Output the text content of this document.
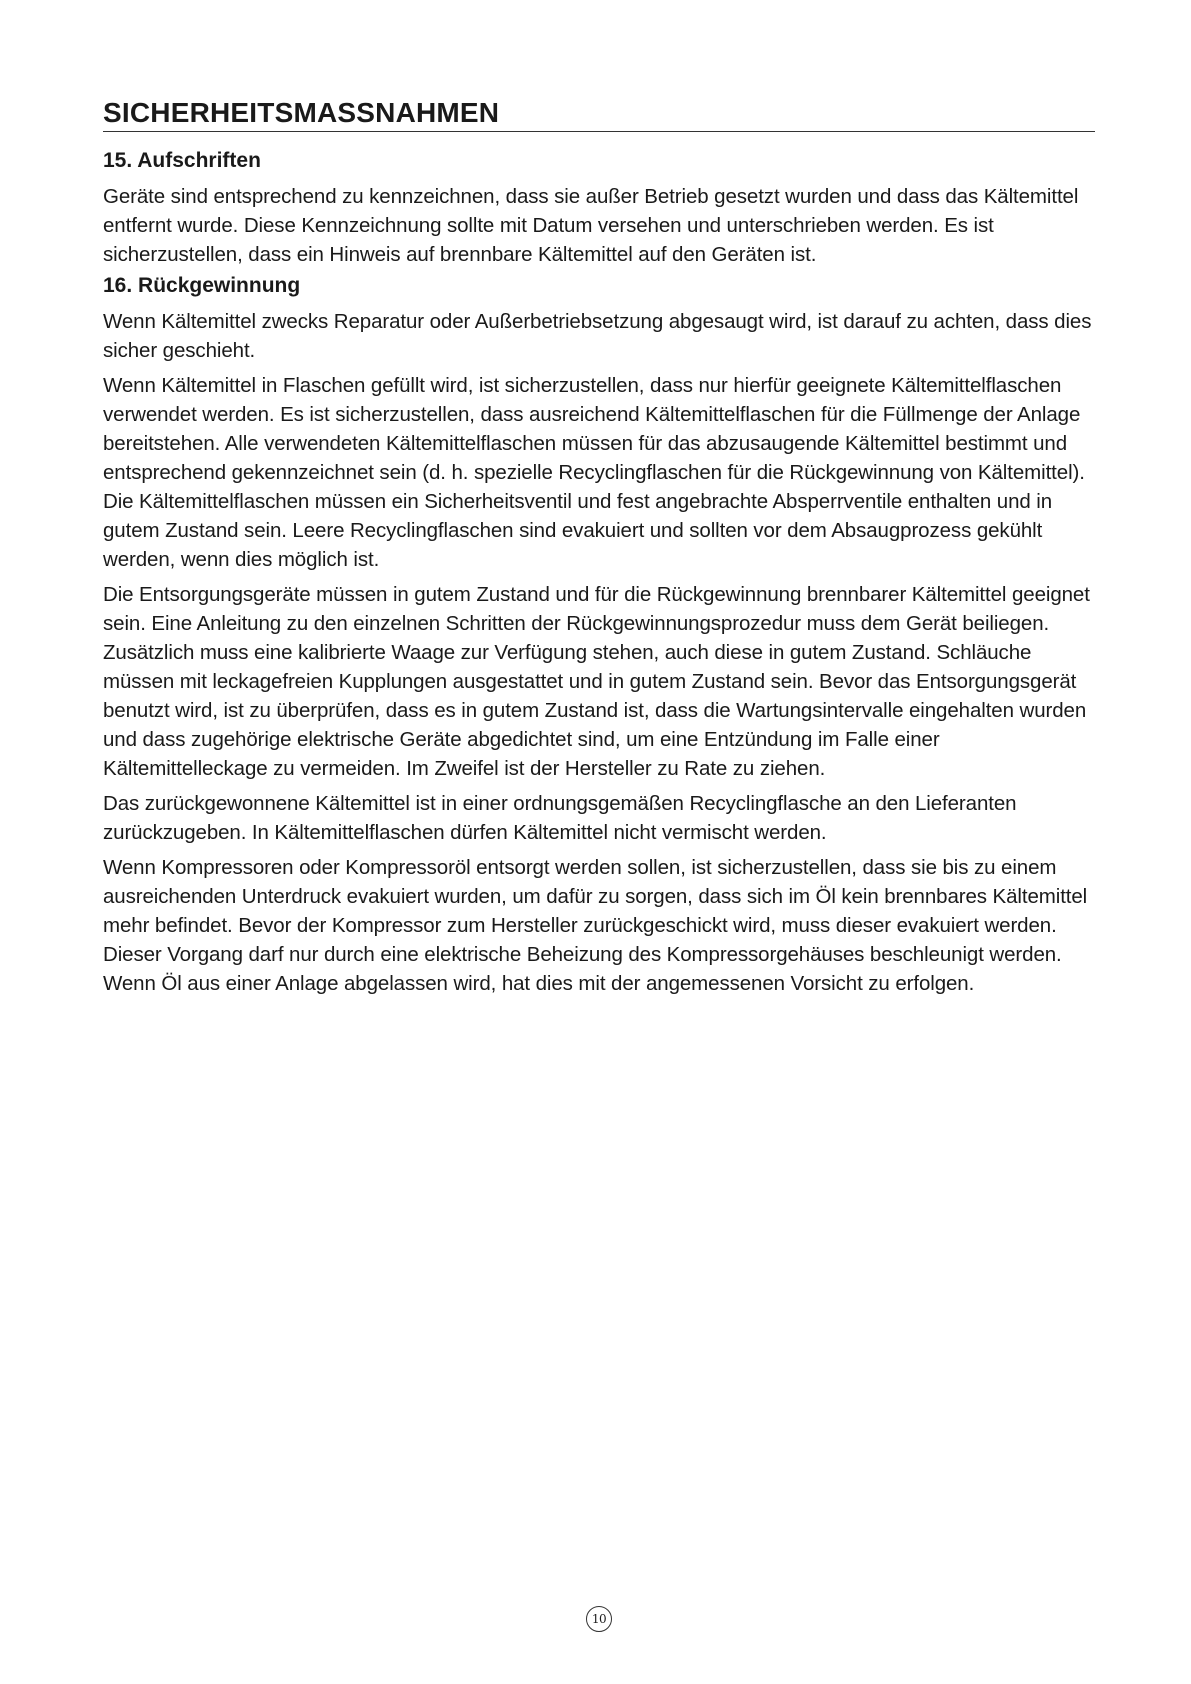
SICHERHEITSMASSNAHMEN
15. Aufschriften

Geräte sind entsprechend zu kennzeichnen, dass sie außer Betrieb gesetzt wurden und dass das Kältemittel entfernt wurde. Diese Kennzeichnung sollte mit Datum versehen und unterschrieben werden. Es ist sicherzustellen, dass ein Hinweis auf brennbare Kältemittel auf den Geräten ist.

16. Rückgewinnung

Wenn Kältemittel zwecks Reparatur oder Außerbetriebsetzung abgesaugt wird, ist darauf zu achten, dass dies sicher geschieht.

Wenn Kältemittel in Flaschen gefüllt wird, ist sicherzustellen, dass nur hierfür geeignete Kältemittelflaschen verwendet werden. Es ist sicherzustellen, dass ausreichend Kältemittelflaschen für die Füllmenge der Anlage bereitstehen. Alle verwendeten Kältemittelflaschen müssen für das abzusaugende Kältemittel bestimmt und entsprechend gekennzeichnet sein (d. h. spezielle Recyclingflaschen für die Rückgewinnung von Kältemittel). Die Kältemittelflaschen müssen ein Sicherheitsventil und fest angebrachte Absperrventile enthalten und in gutem Zustand sein. Leere Recyclingflaschen sind evakuiert und sollten vor dem Absaugprozess gekühlt werden, wenn dies möglich ist.

Die Entsorgungsgeräte müssen in gutem Zustand und für die Rückgewinnung brennbarer Kältemittel geeignet sein. Eine Anleitung zu den einzelnen Schritten der Rückgewinnungsprozedur muss dem Gerät beiliegen. Zusätzlich muss eine kalibrierte Waage zur Verfügung stehen, auch diese in gutem Zustand. Schläuche müssen mit leckagefreien Kupplungen ausgestattet und in gutem Zustand sein. Bevor das Entsorgungsgerät benutzt wird, ist zu überprüfen, dass es in gutem Zustand ist, dass die Wartungsintervalle eingehalten wurden und dass zugehörige elektrische Geräte abgedichtet sind, um eine Entzündung im Falle einer Kältemittelleckage zu vermeiden. Im Zweifel ist der Hersteller zu Rate zu ziehen.

Das zurückgewonnene Kältemittel ist in einer ordnungsgemäßen Recyclingflasche an den Lieferanten zurückzugeben. In Kältemittelflaschen dürfen Kältemittel nicht vermischt werden.

Wenn Kompressoren oder Kompressoröl entsorgt werden sollen, ist sicherzustellen, dass sie bis zu einem ausreichenden Unterdruck evakuiert wurden, um dafür zu sorgen, dass sich im Öl kein brennbares Kältemittel mehr befindet. Bevor der Kompressor zum Hersteller zurückgeschickt wird, muss dieser evakuiert werden. Dieser Vorgang darf nur durch eine elektrische Beheizung des Kompressorgehäuses beschleunigt werden. Wenn Öl aus einer Anlage abgelassen wird, hat dies mit der angemessenen Vorsicht zu erfolgen.

10
